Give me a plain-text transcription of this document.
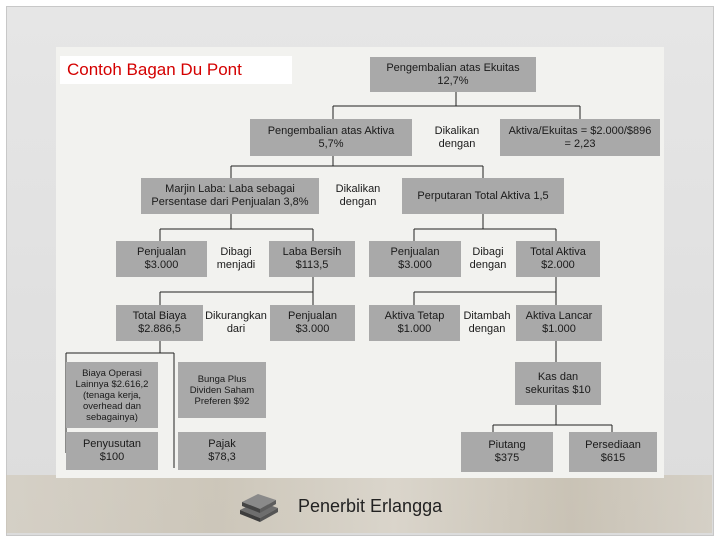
Contoh Bagan Du Pont	Pengembalian atas Ekuitas
12,7%
Pengembalian atas Aktiva
5,7%
Dikalikan
dengan
Aktiva/Ekuitas = $2.000/$896
= 2,23
Marjin Laba: Laba sebagai
Persentase dari Penjualan 3,8%
Dikalikan
dengan
Perputaran Total Aktiva 1,5
Penjualan
$3.000
Dibagi
menjadi
Laba Bersih
$113,5
Penjualan
$3.000
Dibagi
dengan
Total Aktiva
$2.000
Total Biaya
$2.886,5
Dikurangkan
dari
Penjualan
$3.000
Aktiva Tetap
$1.000
Ditambah
dengan
Aktiva Lancar
$1.000
Biaya Operasi
Lainnya $2.616,2
(tenaga kerja,
overhead dan
sebagainya)
Bunga Plus
Dividen Saham
Preferen $92
Kas dan
sekuritas $10
Penyusutan
$100
Pajak
$78,3
Piutang
$375
Persediaan
$615
Penerbit Erlangga
